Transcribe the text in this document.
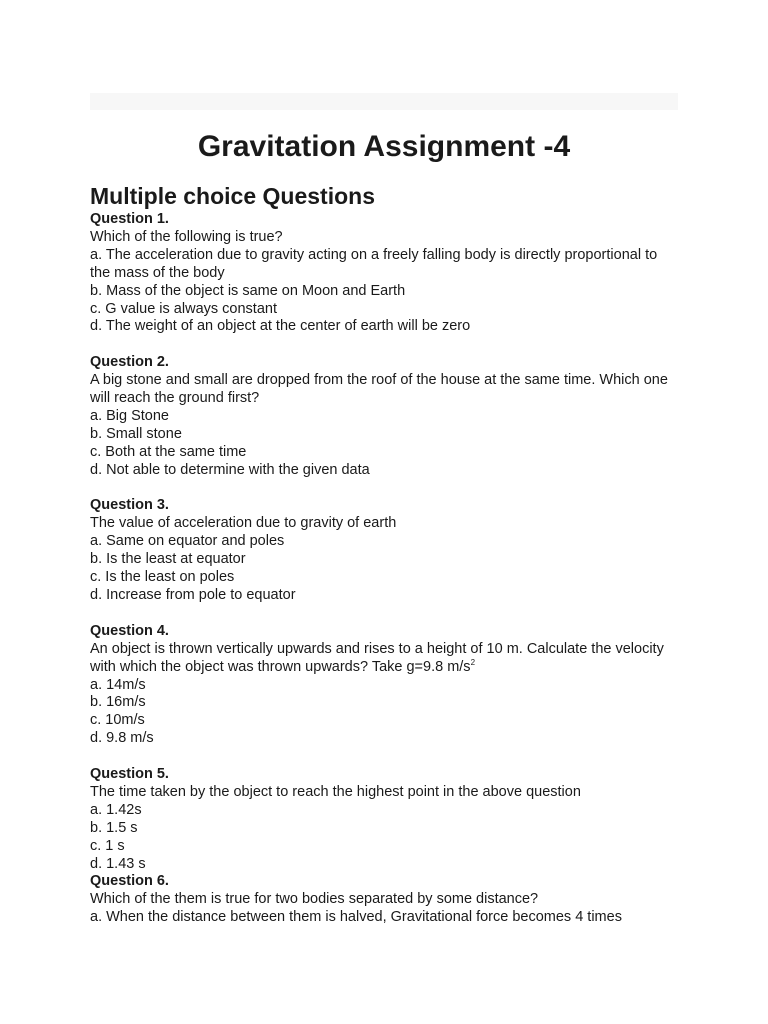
Gravitation Assignment -4
Multiple choice Questions
Question 1.
Which of the following is true?
a. The acceleration due to gravity acting on a freely falling body is directly proportional to the mass of the body
b. Mass of the object is same on Moon and Earth
c. G value is always constant
d. The weight of an object at the center of earth will be zero
Question 2.
A big stone and small are dropped from the roof of the house at the same time. Which one will reach the ground first?
a. Big Stone
b. Small stone
c. Both at the same time
d. Not able to determine with the given data
Question 3.
The value of acceleration due to gravity of earth
a. Same on equator and poles
b. Is the least at equator
c. Is the least on poles
d. Increase from pole to equator
Question 4.
An object is thrown vertically upwards and rises to a height of 10 m. Calculate the velocity with which the object was thrown upwards? Take g=9.8 $m/s^2$
a. 14m/s
b. 16m/s
c. 10m/s
d. 9.8 m/s
Question 5.
The time taken by the object to reach the highest point in the above question
a. 1.42s
b. 1.5 s
c. 1 s
d. 1.43 s
Question 6.
Which of the them is true for two bodies separated by some distance?
a. When the distance between them is halved, Gravitational force becomes 4 times
